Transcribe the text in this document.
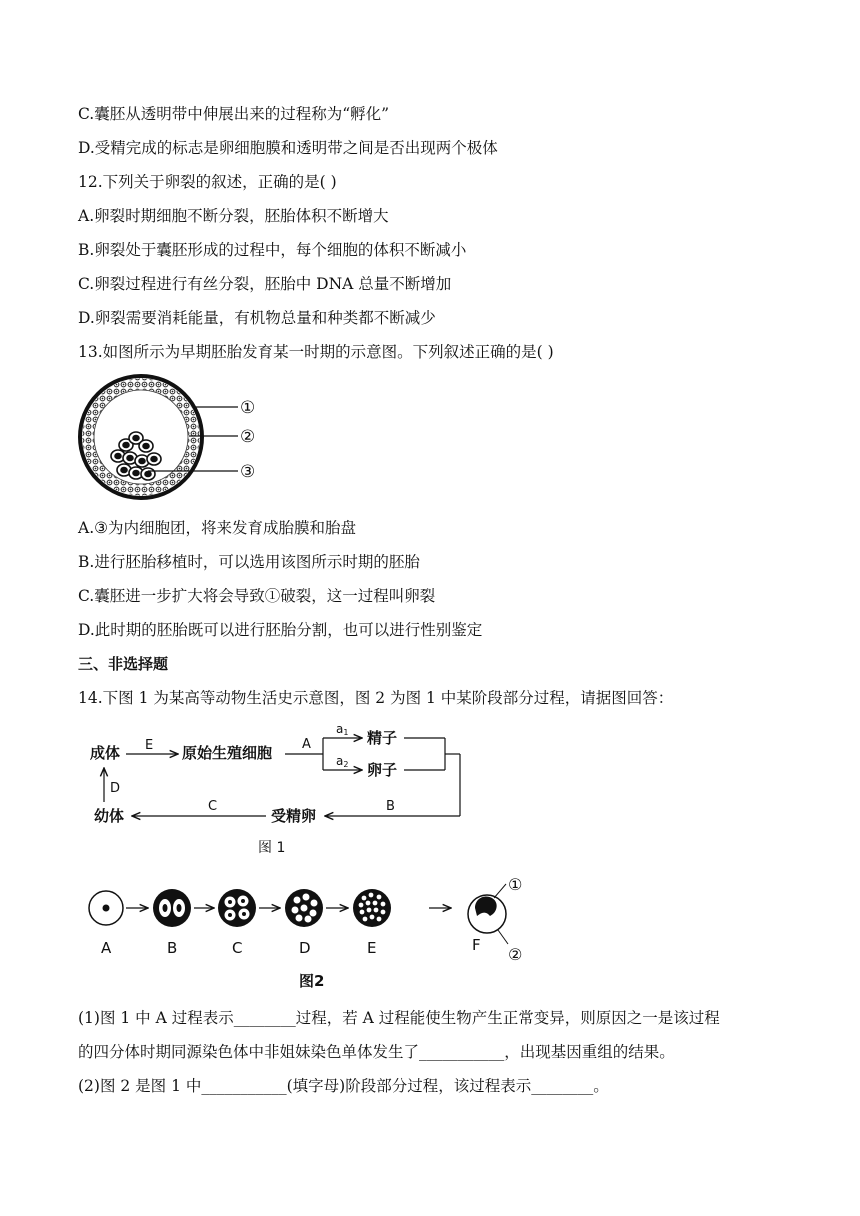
C.囊胚从透明带中伸展出来的过程称为“孵化”
D.受精完成的标志是卵细胞膜和透明带之间是否出现两个极体
12.下列关于卵裂的叙述，正确的是( )
A.卵裂时期细胞不断分裂，胚胎体积不断增大
B.卵裂处于囊胚形成的过程中，每个细胞的体积不断减小
C.卵裂过程进行有丝分裂，胚胎中 DNA 总量不断增加
D.卵裂需要消耗能量，有机物总量和种类都不断减少
13.如图所示为早期胚胎发育某一时期的示意图。下列叙述正确的是( )
①
②
③
A.③为内细胞团，将来发育成胎膜和胎盘
B.进行胚胎移植时，可以选用该图所示时期的胚胎
C.囊胚进一步扩大将会导致①破裂，这一过程叫卵裂
D.此时期的胚胎既可以进行胚胎分割，也可以进行性别鉴定
三、非选择题
14.下图 1 为某高等动物生活史示意图，图 2 为图 1 中某阶段部分过程，请据图回答：
成体 E 原始生殖细胞 A
a1
a2
精子
卵子
B
受精卵
C
幼体
D
图 1
①
②
A	B	C	D	E	F
图2
(1)图 1 中 A 过程表示________过程，若 A 过程能使生物产生正常变异，则原因之一是该过程
的四分体时期同源染色体中非姐妹染色单体发生了___________，出现基因重组的结果。
(2)图 2 是图 1 中___________(填字母)阶段部分过程，该过程表示________。
